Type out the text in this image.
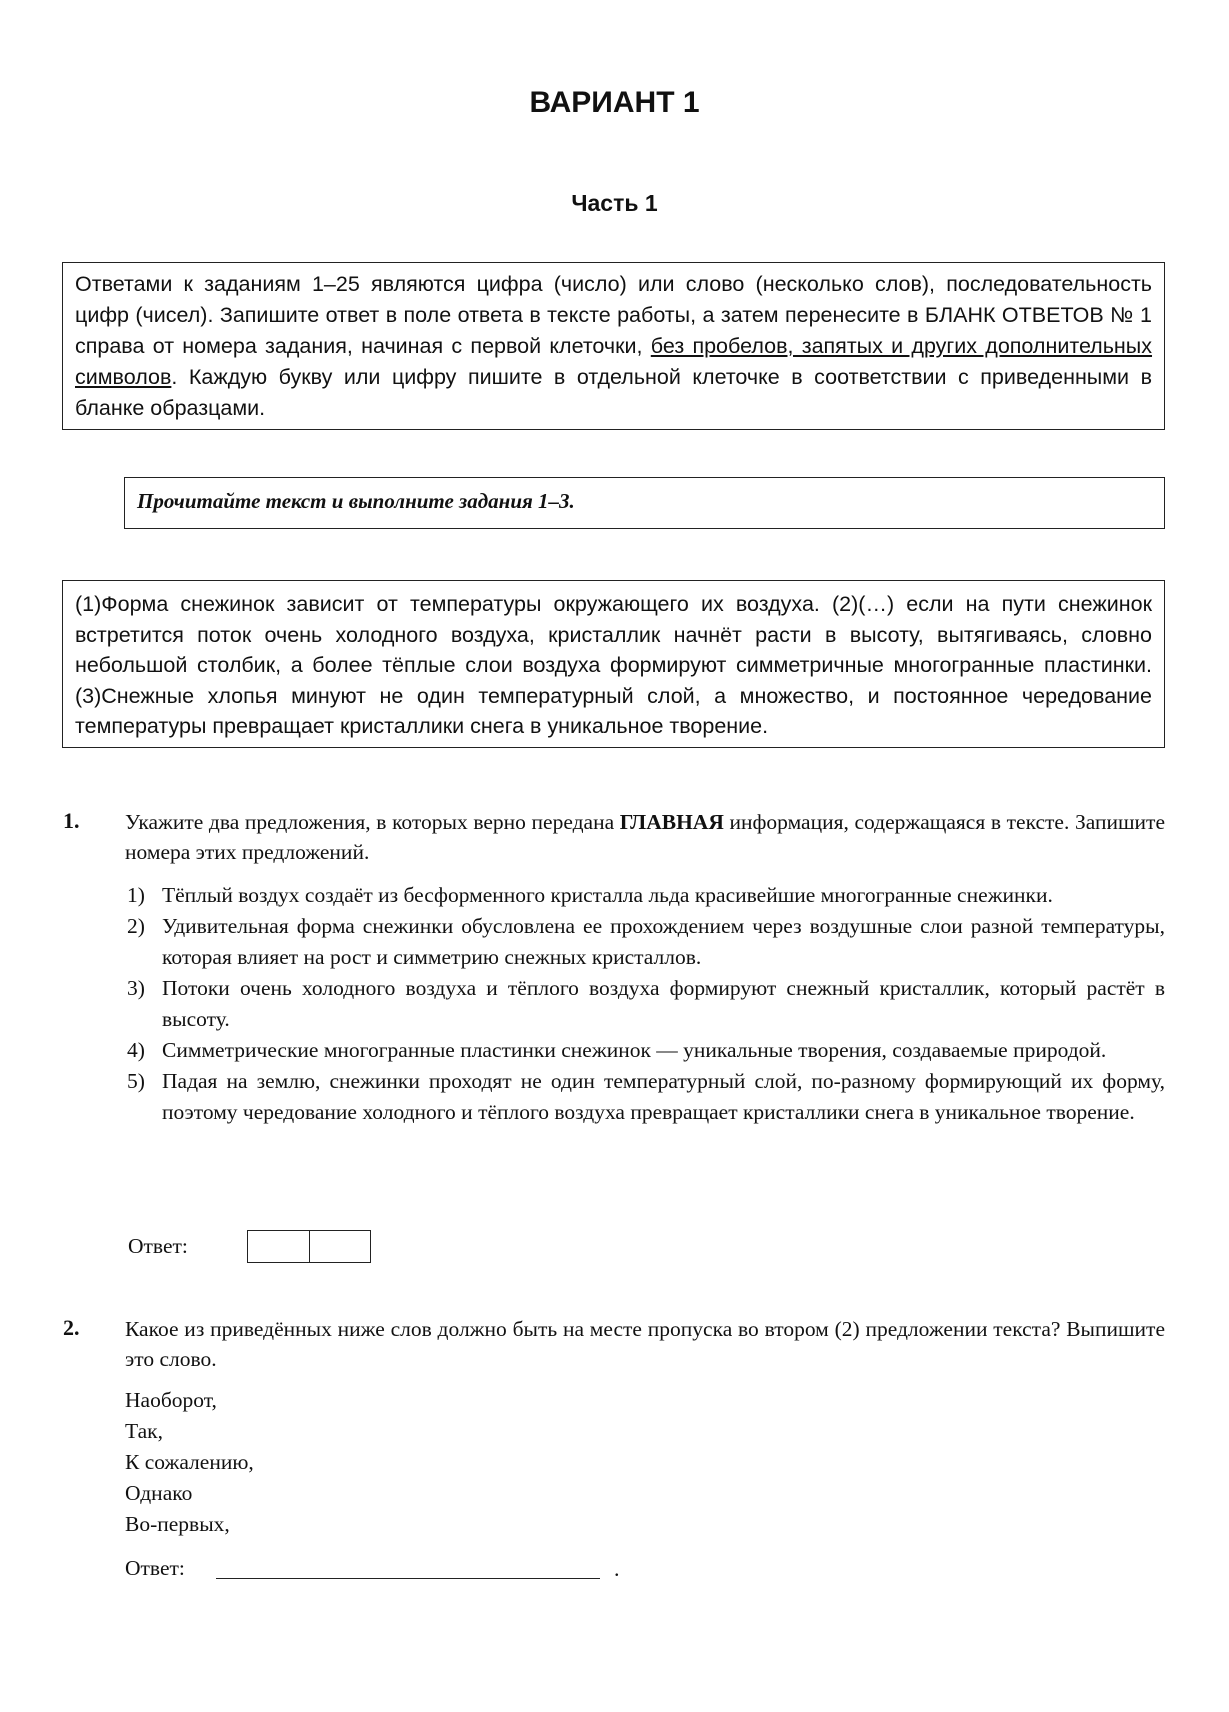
ВАРИАНТ 1
Часть 1
Ответами к заданиям 1–25 являются цифра (число) или слово (несколько слов), последовательность цифр (чисел). Запишите ответ в поле ответа в тексте работы, а затем перенесите в БЛАНК ОТВЕТОВ № 1 справа от номера задания, начиная с первой клеточки, без пробелов, запятых и других дополнительных символов. Каждую букву или цифру пишите в отдельной клеточке в соответствии с приведенными в бланке образцами.
Прочитайте текст и выполните задания 1–3.
(1)Форма снежинок зависит от температуры окружающего их воздуха. (2)(…) если на пути снежинок встретится поток очень холодного воздуха, кристаллик начнёт расти в высоту, вытягиваясь, словно небольшой столбик, а более тёплые слои воздуха формируют симметричные многогранные пластинки. (3)Снежные хлопья минуют не один температурный слой, а множество, и постоянное чередование температуры превращает кристаллики снега в уникальное творение.
1. Укажите два предложения, в которых верно передана ГЛАВНАЯ информация, содержащаяся в тексте. Запишите номера этих предложений.
1) Тёплый воздух создаёт из бесформенного кристалла льда красивейшие многогранные снежинки.
2) Удивительная форма снежинки обусловлена ее прохождением через воздушные слои разной температуры, которая влияет на рост и симметрию снежных кристаллов.
3) Потоки очень холодного воздуха и тёплого воздуха формируют снежный кристаллик, который растёт в высоту.
4) Симметрические многогранные пластинки снежинок — уникальные творения, создаваемые природой.
5) Падая на землю, снежинки проходят не один температурный слой, по-разному формирующий их форму, поэтому чередование холодного и тёплого воздуха превращает кристаллики снега в уникальное творение.
Ответ:
2. Какое из приведённых ниже слов должно быть на месте пропуска во втором (2) предложении текста? Выпишите это слово.
Наоборот,
Так,
К сожалению,
Однако
Во-первых,
Ответ:	.
